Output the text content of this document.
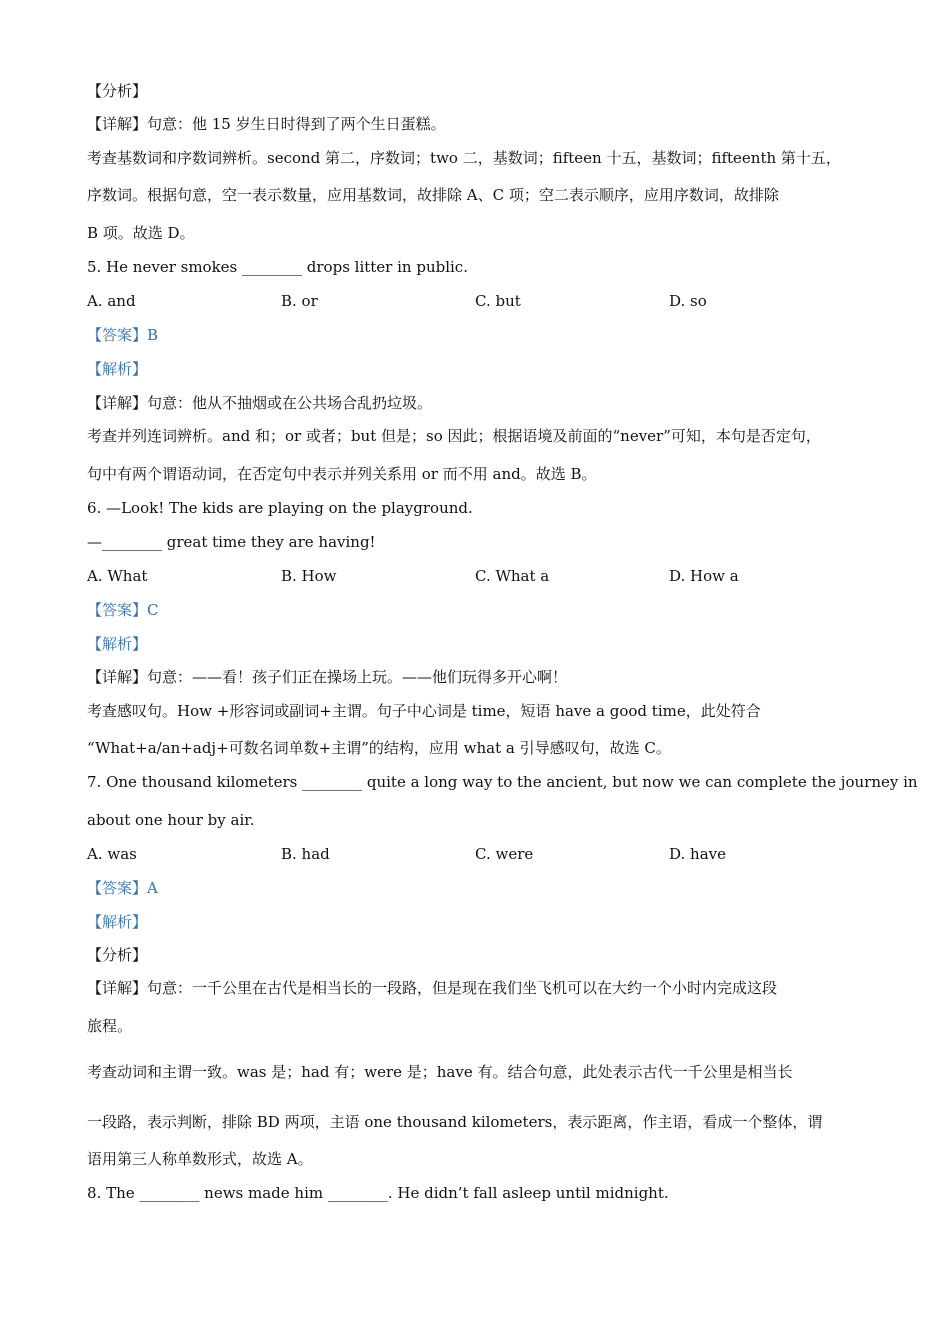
【分析】
【详解】句意：他 15 岁生日时得到了两个生日蛋糕。
考查基数词和序数词辨析。second 第二，序数词；two 二，基数词；fifteen 十五，基数词；fifteenth 第十五，
序数词。根据句意，空一表示数量，应用基数词，故排除 A、C 项；空二表示顺序，应用序数词，故排除
B 项。故选 D。
5. He never smokes ________ drops litter in public.
A. and	B. or	C. but	D. so
【答案】B
【解析】
【详解】句意：他从不抽烟或在公共场合乱扔垃圾。
考查并列连词辨析。and 和；or 或者；but 但是；so 因此；根据语境及前面的“never”可知，本句是否定句，
句中有两个谓语动词，在否定句中表示并列关系用 or 而不用 and。故选 B。
6. —Look! The kids are playing on the playground.
—________ great time they are having!
A. What	B. How	C. What a	D. How a
【答案】C
【解析】
【详解】句意：——看！孩子们正在操场上玩。——他们玩得多开心啊！
考查感叹句。How +形容词或副词+主谓。句子中心词是 time，短语 have a good time，此处符合
“What+a/an+adj+可数名词单数+主谓”的结构，应用 what a 引导感叹句，故选 C。
7. One thousand kilometers ________ quite a long way to the ancient, but now we can complete the journey in
about one hour by air.
A. was	B. had	C. were	D. have
【答案】A
【解析】
【分析】
【详解】句意：一千公里在古代是相当长的一段路，但是现在我们坐飞机可以在大约一个小时内完成这段
旅程。
考查动词和主谓一致。was 是；had 有；were 是；have 有。结合句意，此处表示古代一千公里是相当长
一段路，表示判断，排除 BD 两项，主语 one thousand kilometers，表示距离，作主语，看成一个整体，谓
语用第三人称单数形式，故选 A。
8. The ________ news made him ________. He didn’t fall asleep until midnight.
